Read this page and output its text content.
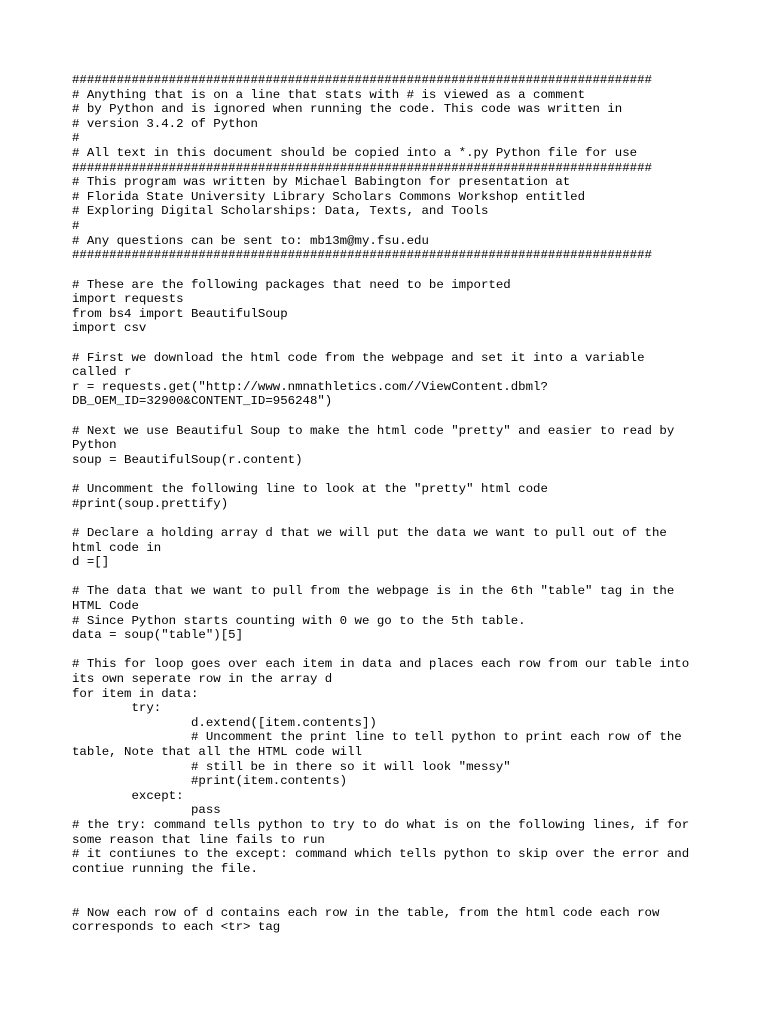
##############################################################################
# Anything that is on a line that stats with # is viewed as a comment
# by Python and is ignored when running the code. This code was written in
# version 3.4.2 of Python
#
# All text in this document should be copied into a *.py Python file for use
##############################################################################
# This program was written by Michael Babington for presentation at
# Florida State University Library Scholars Commons Workshop entitled
# Exploring Digital Scholarships: Data, Texts, and Tools
#
# Any questions can be sent to: mb13m@my.fsu.edu
##############################################################################
# These are the following packages that need to be imported
import requests
from bs4 import BeautifulSoup
import csv
# First we download the html code from the webpage and set it into a variable
called r
r = requests.get("http://www.nmnathletics.com//ViewContent.dbml?
DB_OEM_ID=32900&CONTENT_ID=956248")
# Next we use Beautiful Soup to make the html code "pretty" and easier to read by
Python
soup = BeautifulSoup(r.content)
# Uncomment the following line to look at the "pretty" html code
#print(soup.prettify)
# Declare a holding array d that we will put the data we want to pull out of the
html code in
d =[]
# The data that we want to pull from the webpage is in the 6th "table" tag in the
HTML Code
# Since Python starts counting with 0 we go to the 5th table.
data = soup("table")[5]
# This for loop goes over each item in data and places each row from our table into
its own seperate row in the array d
for item in data:
try:
d.extend([item.contents])
# Uncomment the print line to tell python to print each row of the
table, Note that all the HTML code will
# still be in there so it will look "messy"
#print(item.contents)
except:
pass
# the try: command tells python to try to do what is on the following lines, if for
some reason that line fails to run
# it contiunes to the except: command which tells python to skip over the error and
contiue running the file.
# Now each row of d contains each row in the table, from the html code each row
corresponds to each <tr> tag
